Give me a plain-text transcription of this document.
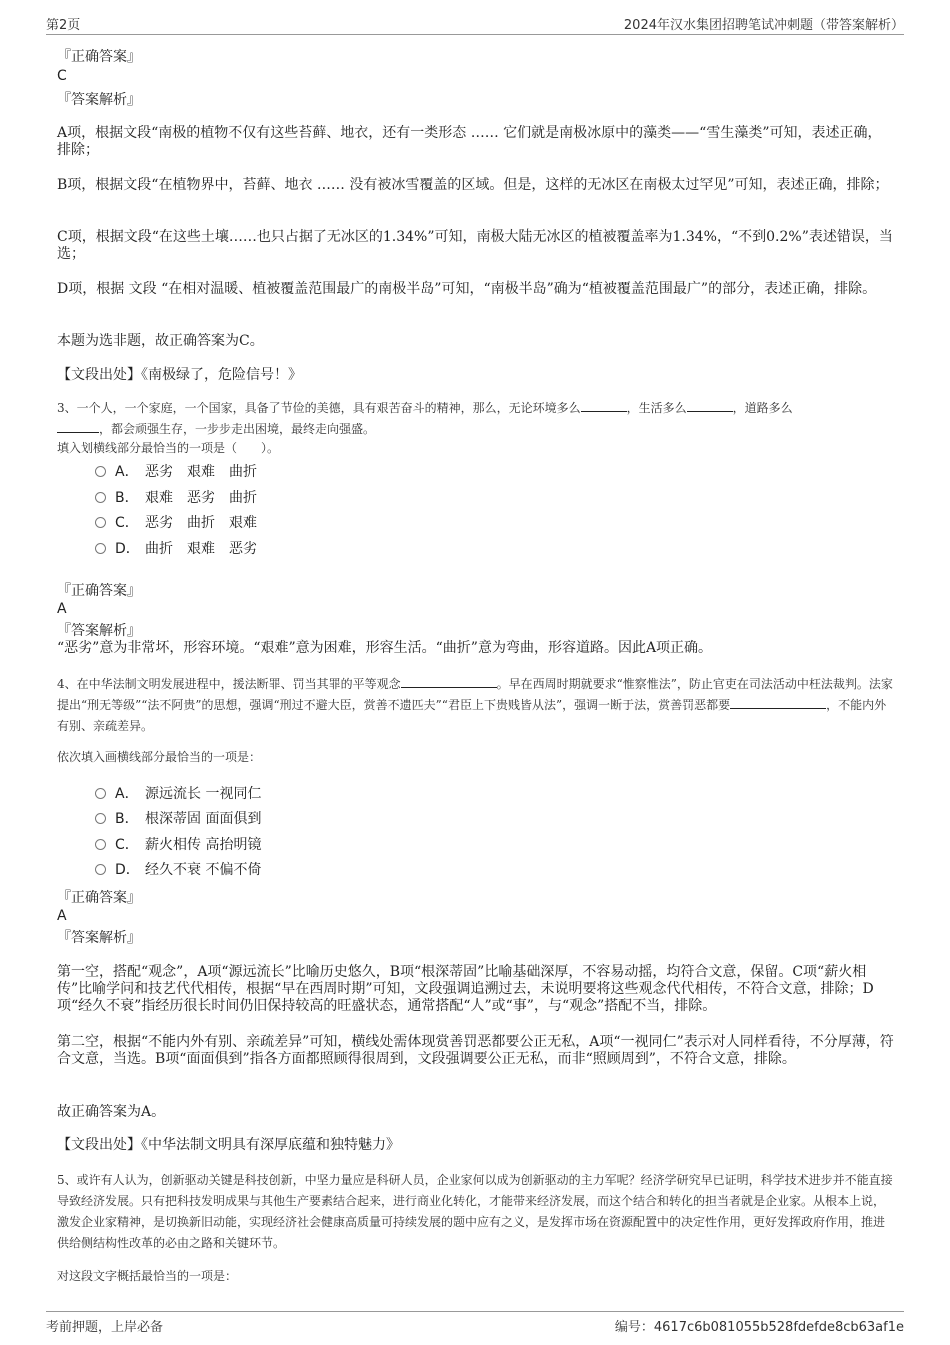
第2页	2024年汉水集团招聘笔试冲刺题（带答案解析）
『正确答案』
C
『答案解析』
A项，根据文段“南极的植物不仅有这些苔藓、地衣，还有一类形态 …… 它们就是南极冰原中的藻类——“雪生藻类”可知，表述正确，排除；
B项，根据文段“在植物界中，苔藓、地衣 …… 没有被冰雪覆盖的区域。但是，这样的无冰区在南极太过罕见”可知，表述正确，排除；
C项，根据文段“在这些土壤……也只占据了无冰区的1.34%”可知，南极大陆无冰区的植被覆盖率为1.34%，“不到0.2%”表述错误，当选；
D项，根据 文段 “在相对温暖、植被覆盖范围最广的南极半岛”可知，“南极半岛”确为“植被覆盖范围最广”的部分，表述正确，排除。
本题为选非题，故正确答案为C。
【文段出处】《南极绿了，危险信号！》
3、一个人，一个家庭，一个国家，具备了节俭的美德，具有艰苦奋斗的精神，那么，无论环境多么	，生活多么	，道路多么
，都会顽强生存，一步步走出困境，最终走向强盛。
填入划横线部分最恰当的一项是（　　）。
A． 恶劣　艰难　曲折
B． 艰难　恶劣　曲折
C． 恶劣　曲折　艰难
D． 曲折　艰难　恶劣
『正确答案』
A
『答案解析』
“恶劣”意为非常坏，形容环境。“艰难”意为困难，形容生活。“曲折”意为弯曲，形容道路。因此A项正确。
4、在中华法制文明发展进程中，援法断罪、罚当其罪的平等观念	。早在西周时期就要求“惟察惟法”，防止官吏在司法活动中枉法裁判。法家提出“刑无等级”“法不阿贵”的思想，强调“刑过不避大臣，赏善不遗匹夫”“君臣上下贵贱皆从法”，强调一断于法，赏善罚恶都要	，不能内外有别、亲疏差异。
依次填入画横线部分最恰当的一项是：
A． 源远流长 一视同仁
B． 根深蒂固 面面俱到
C． 薪火相传 高抬明镜
D． 经久不衰 不偏不倚
『正确答案』
A
『答案解析』
第一空，搭配“观念”，A项“源远流长”比喻历史悠久，B项“根深蒂固”比喻基础深厚，不容易动摇，均符合文意，保留。C项“薪火相传”比喻学问和技艺代代相传，根据“早在西周时期”可知，文段强调追溯过去，未说明要将这些观念代代相传，不符合文意，排除；D项“经久不衰”指经历很长时间仍旧保持较高的旺盛状态，通常搭配“人”或“事”，与“观念”搭配不当，排除。
第二空，根据“不能内外有别、亲疏差异”可知，横线处需体现赏善罚恶都要公正无私，A项“一视同仁”表示对人同样看待，不分厚薄，符合文意，当选。B项“面面俱到”指各方面都照顾得很周到，文段强调要公正无私，而非“照顾周到”，不符合文意，排除。
故正确答案为A。
【文段出处】《中华法制文明具有深厚底蕴和独特魅力》
5、或许有人认为，创新驱动关键是科技创新，中坚力量应是科研人员，企业家何以成为创新驱动的主力军呢？经济学研究早已证明，科学技术进步并不能直接导致经济发展。只有把科技发明成果与其他生产要素结合起来，进行商业化转化，才能带来经济发展，而这个结合和转化的担当者就是企业家。从根本上说，激发企业家精神，是切换新旧动能，实现经济社会健康高质量可持续发展的题中应有之义，是发挥市场在资源配置中的决定性作用，更好发挥政府作用，推进供给侧结构性改革的必由之路和关键环节。
对这段文字概括最恰当的一项是：
考前押题，上岸必备	编号：4617c6b081055b528fdefde8cb63af1e
